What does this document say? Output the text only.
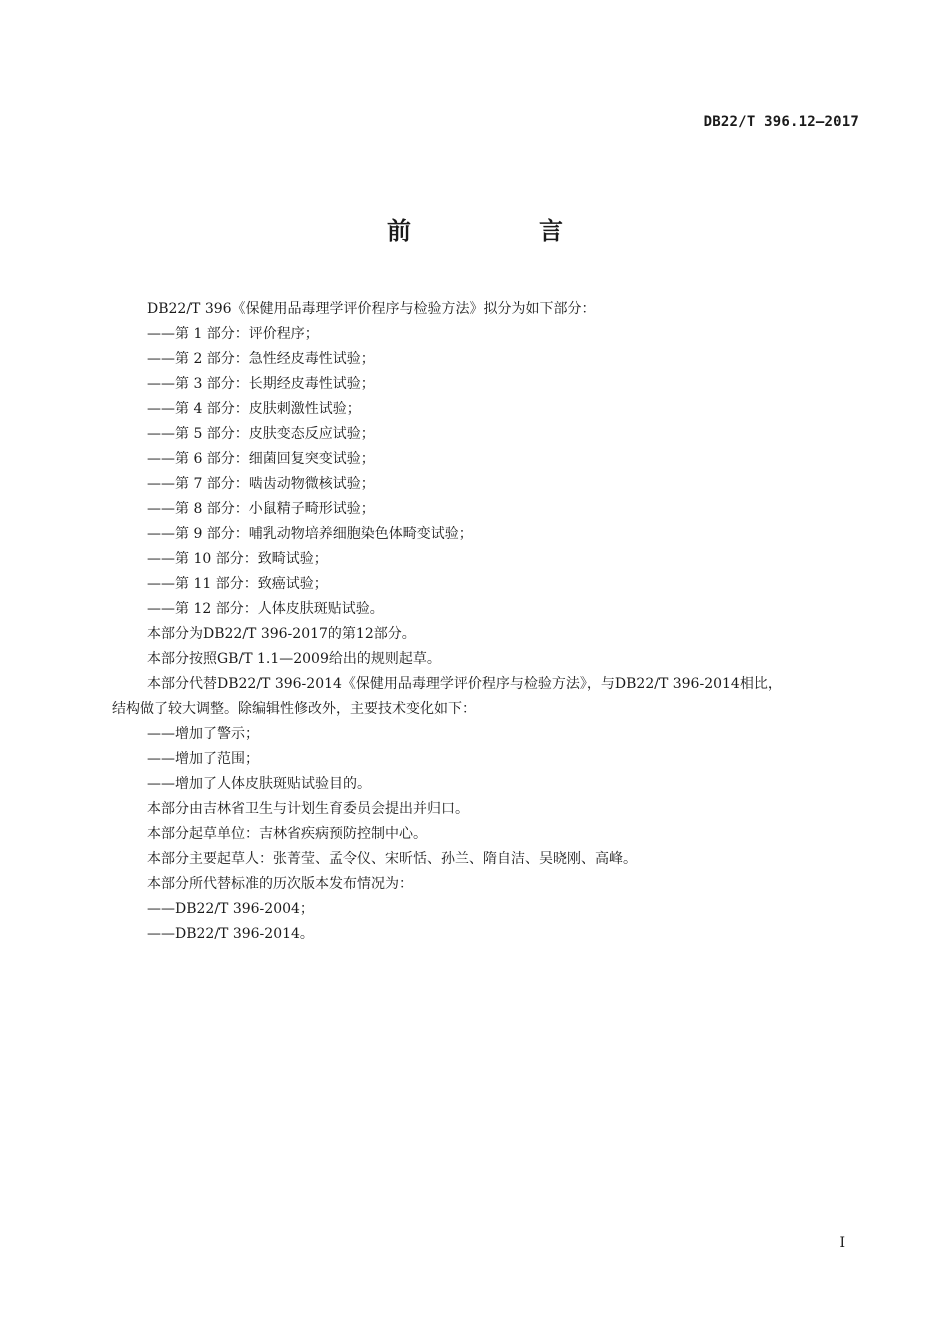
DB22/T 396.12—2017
前　言
DB22/T 396《保健用品毒理学评价程序与检验方法》拟分为如下部分：
——第 1 部分：评价程序；
——第 2 部分：急性经皮毒性试验；
——第 3 部分：长期经皮毒性试验；
——第 4 部分：皮肤刺激性试验；
——第 5 部分：皮肤变态反应试验；
——第 6 部分：细菌回复突变试验；
——第 7 部分：啮齿动物微核试验；
——第 8 部分：小鼠精子畸形试验；
——第 9 部分：哺乳动物培养细胞染色体畸变试验；
——第 10 部分：致畸试验；
——第 11 部分：致癌试验；
——第 12 部分：人体皮肤斑贴试验。
本部分为DB22/T 396-2017的第12部分。
本部分按照GB/T 1.1—2009给出的规则起草。
本部分代替DB22/T 396-2014《保健用品毒理学评价程序与检验方法》，与DB22/T 396-2014相比，
结构做了较大调整。除编辑性修改外，主要技术变化如下：
——增加了警示；
——增加了范围；
——增加了人体皮肤斑贴试验目的。
本部分由吉林省卫生与计划生育委员会提出并归口。
本部分起草单位：吉林省疾病预防控制中心。
本部分主要起草人：张菁莹、孟令仪、宋昕恬、孙兰、隋自洁、吴晓刚、高峰。
本部分所代替标准的历次版本发布情况为：
——DB22/T 396-2004；
——DB22/T 396-2014。
I
